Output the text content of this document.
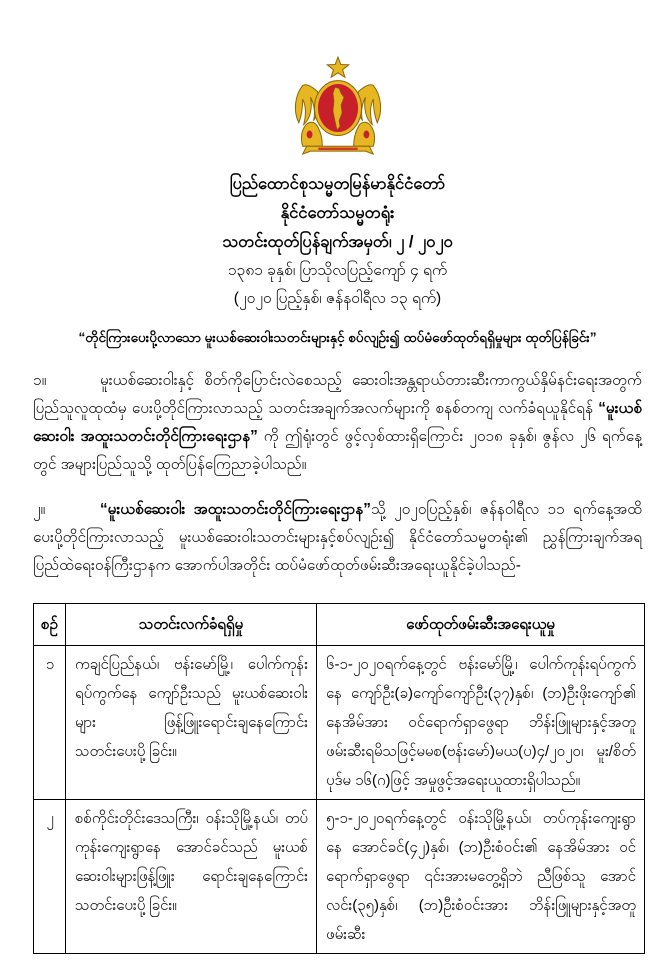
ပြည်ထောင်စုသမ္မတမြန်မာနိုင်ငံတော်
နိုင်ငံတော်သမ္မတရုံး
သတင်းထုတ်ပြန်ချက်အမှတ်၊ ၂ / ၂၀၂၀
၁၃၈၁ ခုနှစ်၊ ပြာသိုလပြည့်ကျော် ၄ ရက်
(၂၀၂၀ ပြည့်နှစ်၊ ဇန်နဝါရီလ ၁၃ ရက်)
“တိုင်ကြားပေးပို့လာသော မူးယစ်ဆေးဝါးသတင်းများနှင့် စပ်လျဉ်း၍ ထပ်မံဖော်ထုတ်ရရှိမှုများ ထုတ်ပြန်ခြင်း”
၁။	မူးယစ်ဆေးဝါးနှင့် စိတ်ကိုပြောင်းလဲစေသည့် ဆေးဝါးအန္တရာယ်တားဆီးကာကွယ်နှိမ်နင်းရေးအတွက် ပြည်သူလူထုထံမှ ပေးပို့တိုင်ကြားလာသည့် သတင်းအချက်အလက်များကို စနစ်တကျ လက်ခံရယူနိုင်ရန် “မူးယစ်ဆေးဝါး အထူးသတင်းတိုင်ကြားရေးဌာန” ကို ဤရုံးတွင် ဖွင့်လှစ်ထားရှိကြောင်း ၂၀၁၈ ခုနှစ်၊ ဇွန်လ ၂၆ ရက်နေ့တွင် အများပြည်သူသို့ ထုတ်ပြန်ကြေညာခဲ့ပါသည်။
၂။	“မူးယစ်ဆေးဝါး အထူးသတင်းတိုင်ကြားရေးဌာန”သို့ ၂၀၂၀ပြည့်နှစ်၊ ဇန်နဝါရီလ ၁၁ ရက်နေ့အထိ ပေးပို့တိုင်ကြားလာသည့် မူးယစ်ဆေးဝါးသတင်းများနှင့်စပ်လျဉ်း၍ နိုင်ငံတော်သမ္မတရုံး၏ ညွှန်ကြားချက်အရ ပြည်ထဲရေးဝန်ကြီးဌာနက အောက်ပါအတိုင်း ထပ်မံဖော်ထုတ်ဖမ်းဆီးအရေးယူနိုင်ခဲ့ပါသည်-
စဉ်	သတင်းလက်ခံရရှိမှု	ဖော်ထုတ်ဖမ်းဆီးအရေးယူမှု
၁	ကချင်ပြည်နယ်၊ ဗန်းမော်မြို့၊ ပေါက်ကုန်း ရပ်ကွက်နေ ကျော်ဦးသည် မူးယစ်ဆေးဝါးများ ဖြန့်ဖြူးရောင်းချနေကြောင်း သတင်းပေးပို့ခြင်း။	၆-၁-၂၀၂၀ရက်နေ့တွင် ဗန်းမော်မြို့၊ ပေါက်ကုန်းရပ်ကွက်နေ ကျော်ဦး(ခ)ကျော်ကျော်ဦး(၃၇)နှစ်၊ (ဘ)ဦးဖိုးကျော်၏ နေအိမ်အား ဝင်ရောက်ရှာဖွေရာ ဘိန်းဖြူများနှင့်အတူ ဖမ်းဆီးရမိသဖြင့်မမစ(ဗန်းမော်)မယ(ပ)၄/၂၀၂၀၊ မူး/စိတ်ပုဒ်မ ၁၆(ဂ)ဖြင့် အမှုဖွင့်အရေးယူထားရှိပါသည်။
၂	စစ်ကိုင်းတိုင်းဒေသကြီး၊ ဝန်းသိုမြို့နယ်၊ တပ်ကုန်းကျေးရွာနေ အောင်ခင်သည် မူးယစ်ဆေးဝါးများဖြန့်ဖြူး ရောင်းချနေကြောင်း သတင်းပေးပို့ခြင်း။	၅-၁-၂၀၂၀ရက်နေ့တွင် ဝန်းသိုမြို့နယ်၊ တပ်ကုန်းကျေးရွာနေ အောင်ခင်(၄၂)နှစ်၊ (ဘ)ဦးစံဝင်း၏ နေအိမ်အား ဝင်ရောက်ရှာဖွေရာ ၎င်းအားမတွေ့ရှိဘဲ ညီဖြစ်သူ အောင်လင်း(၃၅)နှစ်၊ (ဘ)ဦးစံဝင်းအား ဘိန်းဖြူများနှင့်အတူ ဖမ်းဆီး
